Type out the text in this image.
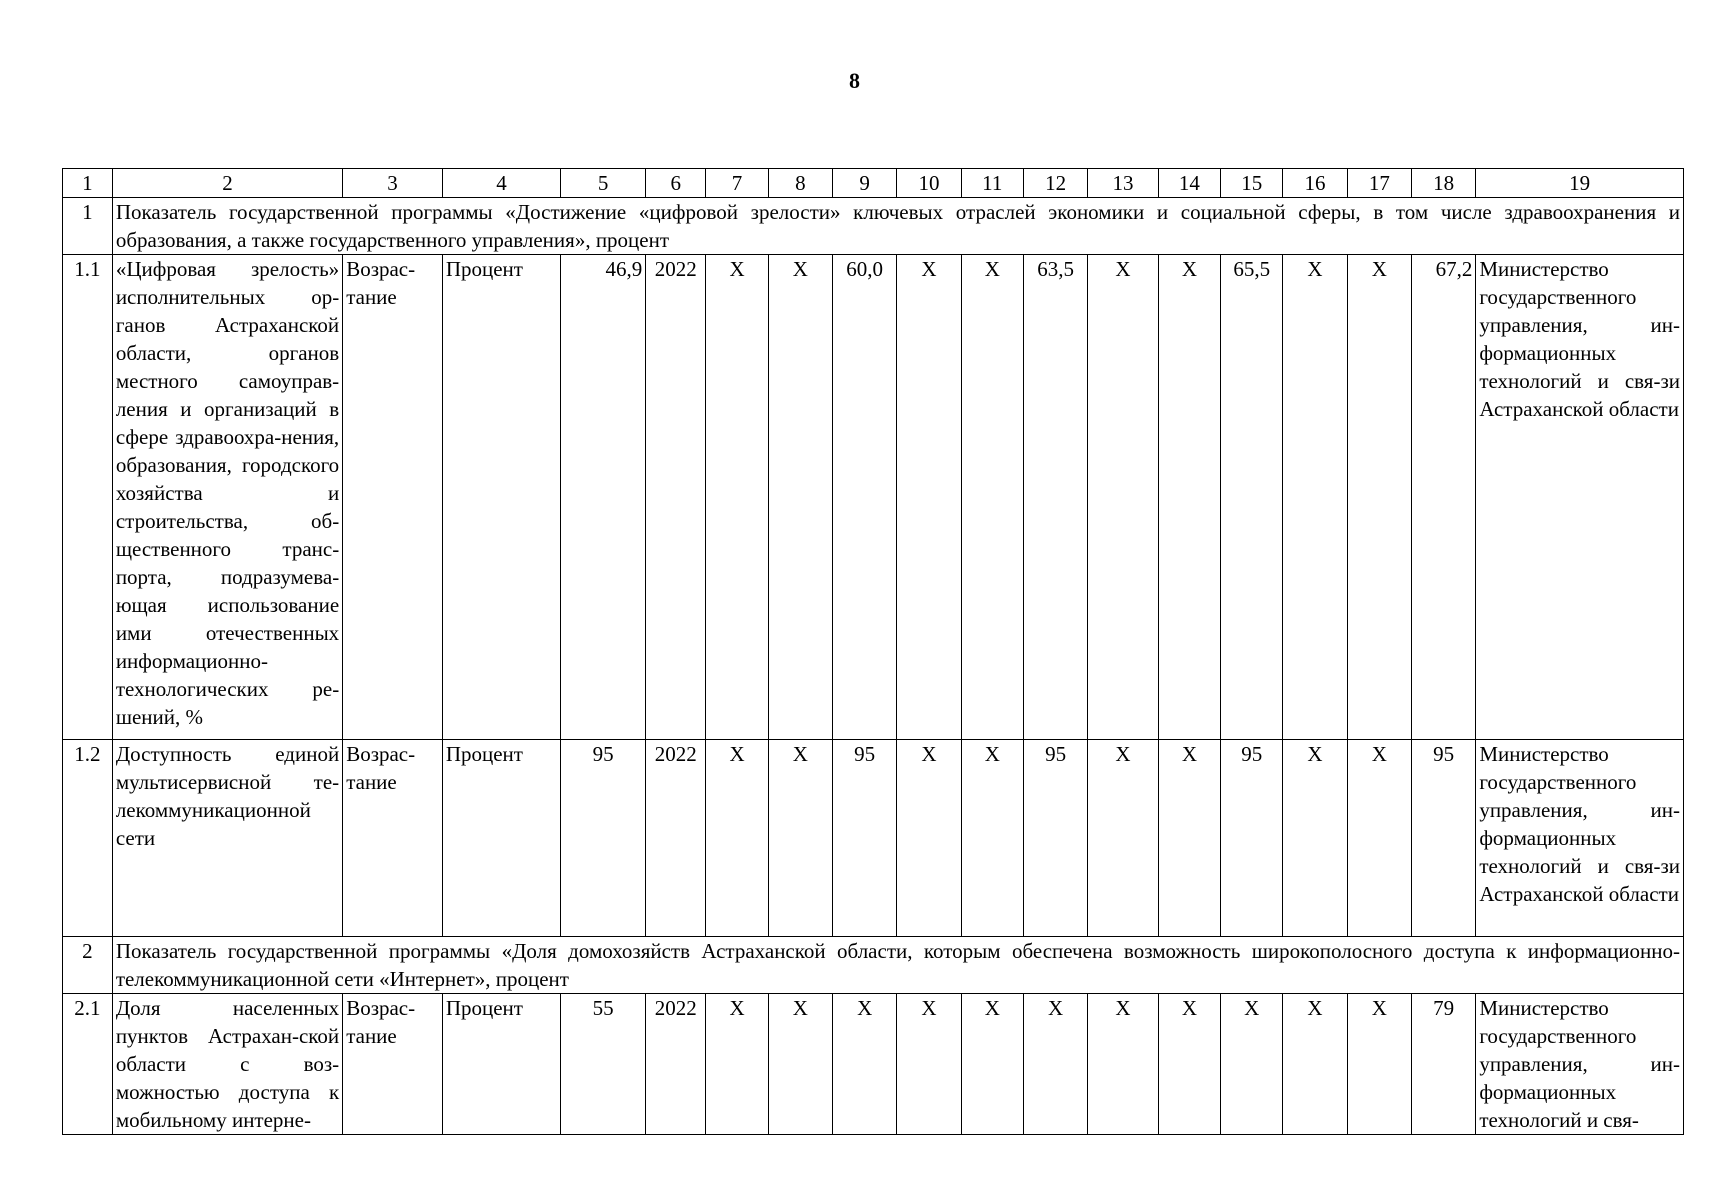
8
1	2	3	4	5	6	7	8	9	10	11	12	13	14	15	16	17	18	19
1	Показатель государственной программы «Достижение «цифровой зрелости» ключевых отраслей экономики и социальной сферы, в том числе здравоохранения и образования, а также государственного управления», процент																	
1.1	«Цифровая зрелость» исполнительных ор-ганов Астраханской области, органов местного самоуправ-ления и организаций в сфере здравоохра-нения, образования, городского хозяйства и строительства, об-щественного транс-порта, подразумева-ющая использование ими отечественных информационно-технологических ре-шений, %	Возрас-тание	Процент	46,9	2022	Х	Х	60,0	Х	Х	63,5	Х	Х	65,5	Х	Х	67,2	Министерство государственного управления, ин-формационных технологий и свя-зи Астраханской области
1.2	Доступность единой мультисервисной те-лекоммуникационной сети	Возрас-тание	Процент	95	2022	Х	Х	95	Х	Х	95	Х	Х	95	Х	Х	95	Министерство государственного управления, ин-формационных технологий и свя-зи Астраханской области
2	Показатель государственной программы «Доля домохозяйств Астраханской области, которым обеспечена возможность широкополосного доступа к информационно-телекоммуникационной сети «Интернет», процент																	
2.1	Доля населенных пунктов Астрахан-ской области с воз-можностью доступа к мобильному интерне-	Возрас-тание	Процент	55	2022	Х	Х	Х	Х	Х	Х	Х	Х	Х	Х	Х	79	Министерство государственного управления, ин-формационных технологий и свя-
